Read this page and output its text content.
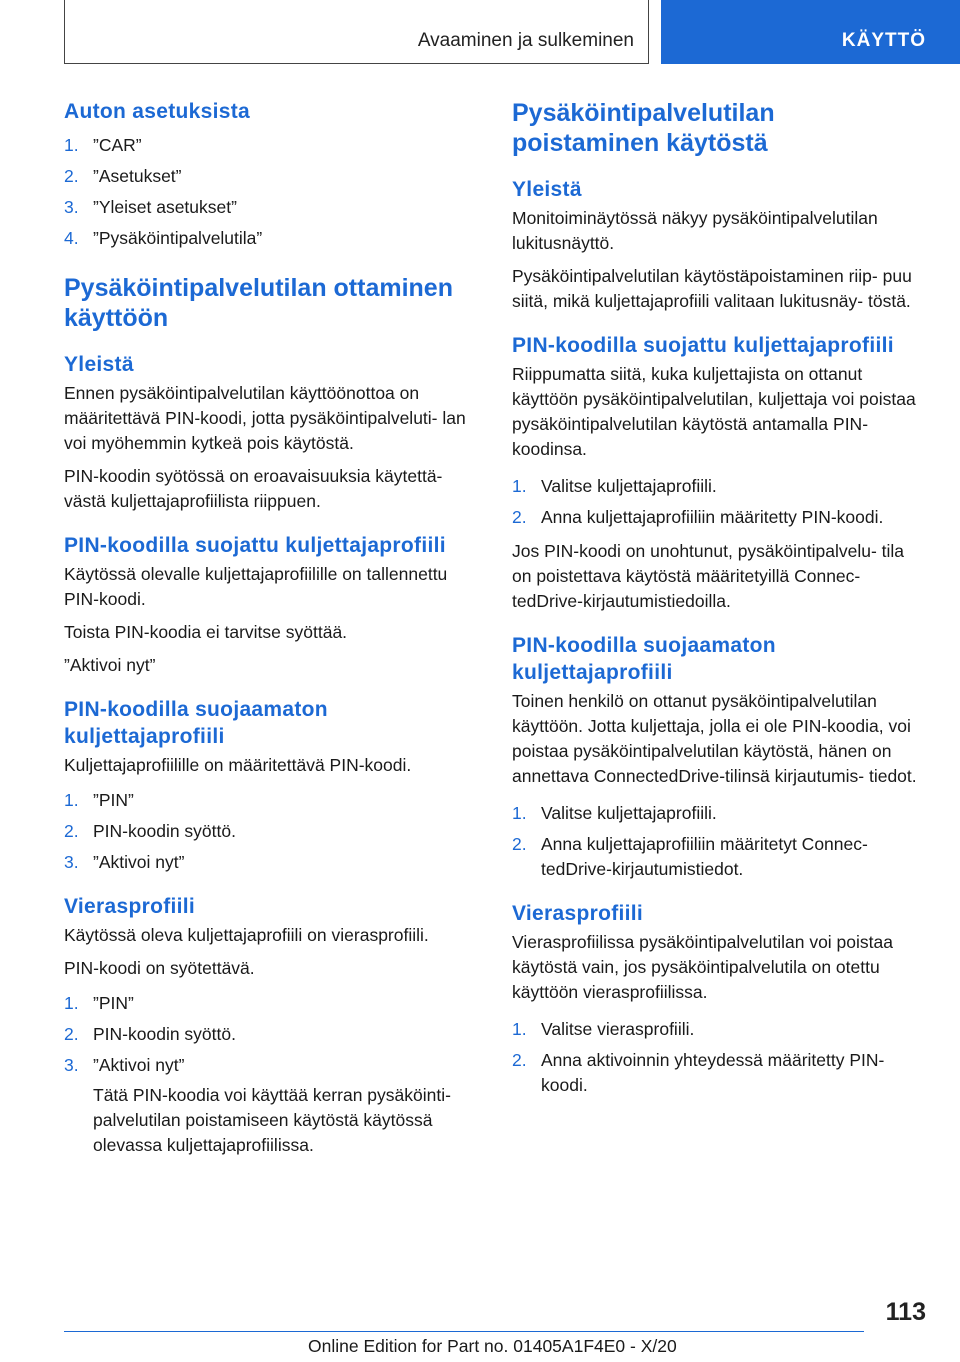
Avaaminen ja sulkeminen	KÄYTTÖ
Auton asetuksista
1. ”CAR”
2. ”Asetukset”
3. ”Yleiset asetukset”
4. ”Pysäköintipalvelutila”
Pysäköintipalvelutilan ottaminen käyttöön
Yleistä

Ennen pysäköintipalvelutilan käyttöönottoa on määritettävä PIN-koodi, jotta pysäköintipalveluti‐ lan voi myöhemmin kytkeä pois käytöstä.

PIN-koodin syötössä on eroavaisuuksia käytettä‐ västä kuljettajaprofiilista riippuen.

PIN-koodilla suojattu kuljettajaprofiili

Käytössä olevalle kuljettajaprofiilille on tallennettu PIN-koodi.

Toista PIN-koodia ei tarvitse syöttää.

”Aktivoi nyt”

PIN-koodilla suojaamaton kuljettajaprofiili

Kuljettajaprofiilille on määritettävä PIN-koodi.

1. ”PIN”
2. PIN-koodin syöttö.
3. ”Aktivoi nyt”
Vierasprofiili

Käytössä oleva kuljettajaprofiili on vierasprofiili.

PIN-koodi on syötettävä.

1. ”PIN”
2. PIN-koodin syöttö.
3. ”Aktivoi nyt”

Tätä PIN-koodia voi käyttää kerran pysäköinti‐ palvelutilan poistamiseen käytöstä käytössä olevassa kuljettajaprofiilissa.

Pysäköintipalvelutilan poistaminen käytöstä
Yleistä

Monitoiminäytössä näkyy pysäköintipalvelutilan lukitusnäyttö.

Pysäköintipalvelutilan käytöstäpoistaminen riip‐ puu siitä, mikä kuljettajaprofiili valitaan lukitusnäy‐ töstä.

PIN-koodilla suojattu kuljettajaprofiili

Riippumatta siitä, kuka kuljettajista on ottanut käyttöön pysäköintipalvelutilan, kuljettaja voi poistaa pysäköintipalvelutilan käytöstä antamalla PIN-koodinsa.

1. Valitse kuljettajaprofiili.
2. Anna kuljettajaprofiiliin määritetty PIN-koodi.

Jos PIN-koodi on unohtunut, pysäköintipalvelu‐ tila on poistettava käytöstä määritetyillä Connec‐ tedDrive-kirjautumistiedoilla.

PIN-koodilla suojaamaton kuljettajaprofiili

Toinen henkilö on ottanut pysäköintipalvelutilan käyttöön. Jotta kuljettaja, jolla ei ole PIN-koodia, voi poistaa pysäköintipalvelutilan käytöstä, hänen on annettava ConnectedDrive-tilinsä kirjautumis‐ tiedot.

1. Valitse kuljettajaprofiili.
2. Anna kuljettajaprofiiliin määritetyt Connec‐ tedDrive-kirjautumistiedot.
Vierasprofiili

Vierasprofiilissa pysäköintipalvelutilan voi poistaa käytöstä vain, jos pysäköintipalvelutila on otettu käyttöön vierasprofiilissa.

1. Valitse vierasprofiili.
2. Anna aktivoinnin yhteydessä määritetty PIN- koodi.
113
Online Edition for Part no. 01405A1F4E0 - X/20
